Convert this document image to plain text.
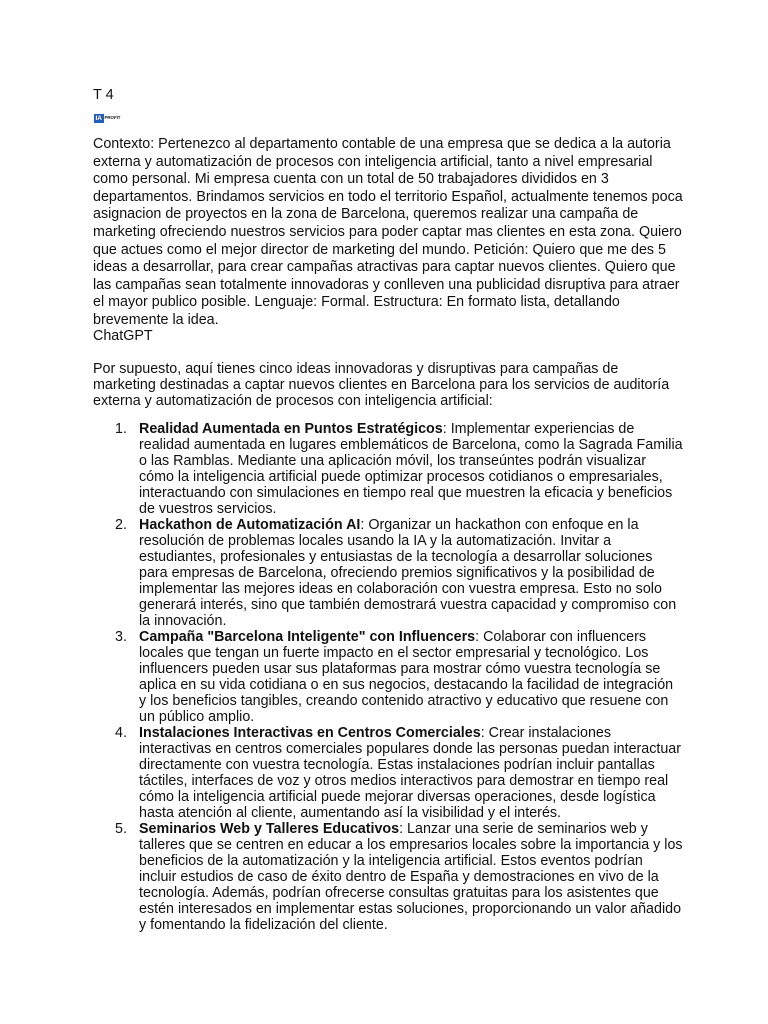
T 4
IA PROFIT
Contexto: Pertenezco al departamento contable de una empresa que se dedica a la autoria externa y automatización de procesos con inteligencia artificial, tanto a nivel empresarial como personal. Mi empresa cuenta con un total de 50 trabajadores divididos en 3 departamentos. Brindamos servicios en todo el territorio Español, actualmente tenemos poca asignacion de proyectos en la zona de Barcelona, queremos realizar una campaña de marketing ofreciendo nuestros servicios para poder captar mas clientes en esta zona. Quiero que actues como el mejor director de marketing del mundo. Petición: Quiero que me des 5 ideas a desarrollar, para crear campañas atractivas para captar nuevos clientes. Quiero que las campañas sean totalmente innovadoras y conlleven una publicidad disruptiva para atraer el mayor publico posible. Lenguaje: Formal. Estructura: En formato lista, detallando brevemente la idea.
ChatGPT
Por supuesto, aquí tienes cinco ideas innovadoras y disruptivas para campañas de marketing destinadas a captar nuevos clientes en Barcelona para los servicios de auditoría externa y automatización de procesos con inteligencia artificial:
1. Realidad Aumentada en Puntos Estratégicos: Implementar experiencias de realidad aumentada en lugares emblemáticos de Barcelona, como la Sagrada Familia o las Ramblas. Mediante una aplicación móvil, los transeúntes podrán visualizar cómo la inteligencia artificial puede optimizar procesos cotidianos o empresariales, interactuando con simulaciones en tiempo real que muestren la eficacia y beneficios de vuestros servicios.
2. Hackathon de Automatización AI: Organizar un hackathon con enfoque en la resolución de problemas locales usando la IA y la automatización. Invitar a estudiantes, profesionales y entusiastas de la tecnología a desarrollar soluciones para empresas de Barcelona, ofreciendo premios significativos y la posibilidad de implementar las mejores ideas en colaboración con vuestra empresa. Esto no solo generará interés, sino que también demostrará vuestra capacidad y compromiso con la innovación.
3. Campaña "Barcelona Inteligente" con Influencers: Colaborar con influencers locales que tengan un fuerte impacto en el sector empresarial y tecnológico. Los influencers pueden usar sus plataformas para mostrar cómo vuestra tecnología se aplica en su vida cotidiana o en sus negocios, destacando la facilidad de integración y los beneficios tangibles, creando contenido atractivo y educativo que resuene con un público amplio.
4. Instalaciones Interactivas en Centros Comerciales: Crear instalaciones interactivas en centros comerciales populares donde las personas puedan interactuar directamente con vuestra tecnología. Estas instalaciones podrían incluir pantallas táctiles, interfaces de voz y otros medios interactivos para demostrar en tiempo real cómo la inteligencia artificial puede mejorar diversas operaciones, desde logística hasta atención al cliente, aumentando así la visibilidad y el interés.
5. Seminarios Web y Talleres Educativos: Lanzar una serie de seminarios web y talleres que se centren en educar a los empresarios locales sobre la importancia y los beneficios de la automatización y la inteligencia artificial. Estos eventos podrían incluir estudios de caso de éxito dentro de España y demostraciones en vivo de la tecnología. Además, podrían ofrecerse consultas gratuitas para los asistentes que estén interesados en implementar estas soluciones, proporcionando un valor añadido y fomentando la fidelización del cliente.
